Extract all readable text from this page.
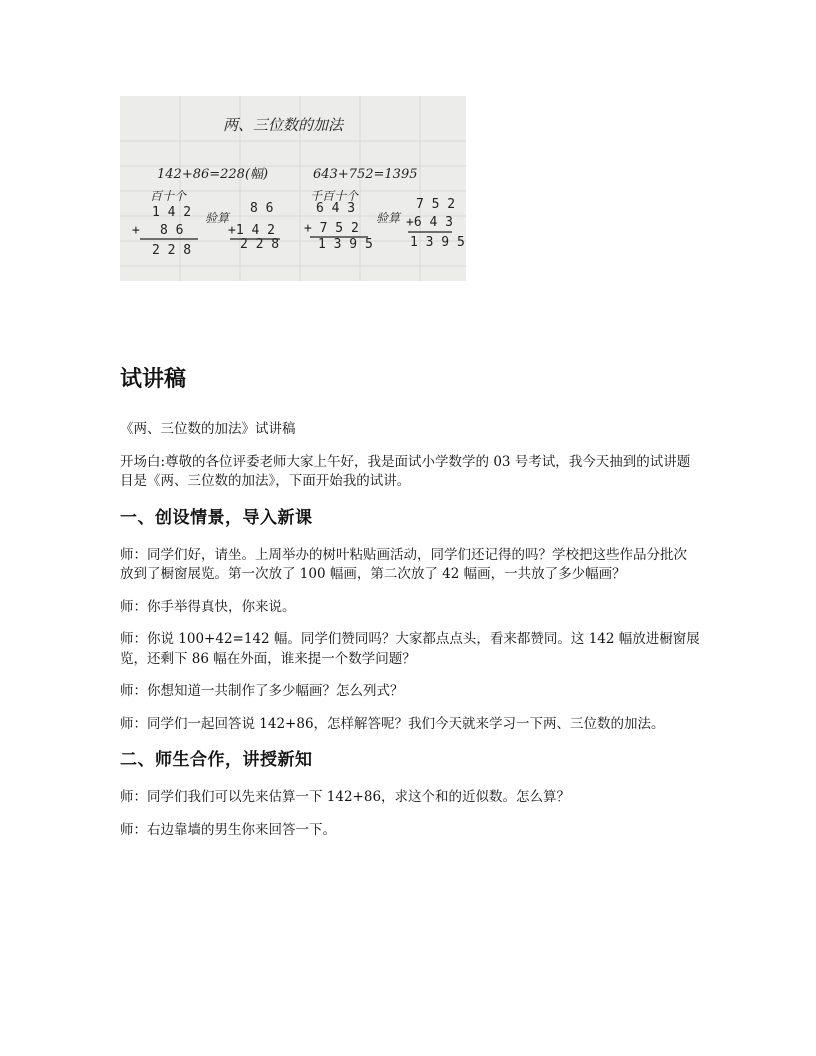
两、三位数的加法
142+86=228(幅)	643+752=1395
百十个	千百十个
验算	验算
1 4 2
+ 8 6
2 2 8
8 6
+1 4 2
2 2 8
6 4 3
+ 7 5 2
1 3 9 5
7 5 2
+6 4 3
1 3 9 5
试讲稿

《两、三位数的加法》试讲稿

开场白:尊敬的各位评委老师大家上午好，我是面试小学数学的 03 号考试，我今天抽到的试讲题目是《两、三位数的加法》，下面开始我的试讲。

一、创设情景，导入新课

师：同学们好，请坐。上周举办的树叶粘贴画活动，同学们还记得的吗？学校把这些作品分批次放到了橱窗展览。第一次放了 100 幅画，第二次放了 42 幅画，一共放了多少幅画？

师：你手举得真快，你来说。

师：你说 100+42=142 幅。同学们赞同吗？大家都点点头，看来都赞同。这 142 幅放进橱窗展览，还剩下 86 幅在外面，谁来提一个数学问题？

师：你想知道一共制作了多少幅画？怎么列式？

师：同学们一起回答说 142+86，怎样解答呢？我们今天就来学习一下两、三位数的加法。

二、师生合作，讲授新知

师：同学们我们可以先来估算一下 142+86，求这个和的近似数。怎么算？

师：右边靠墙的男生你来回答一下。
